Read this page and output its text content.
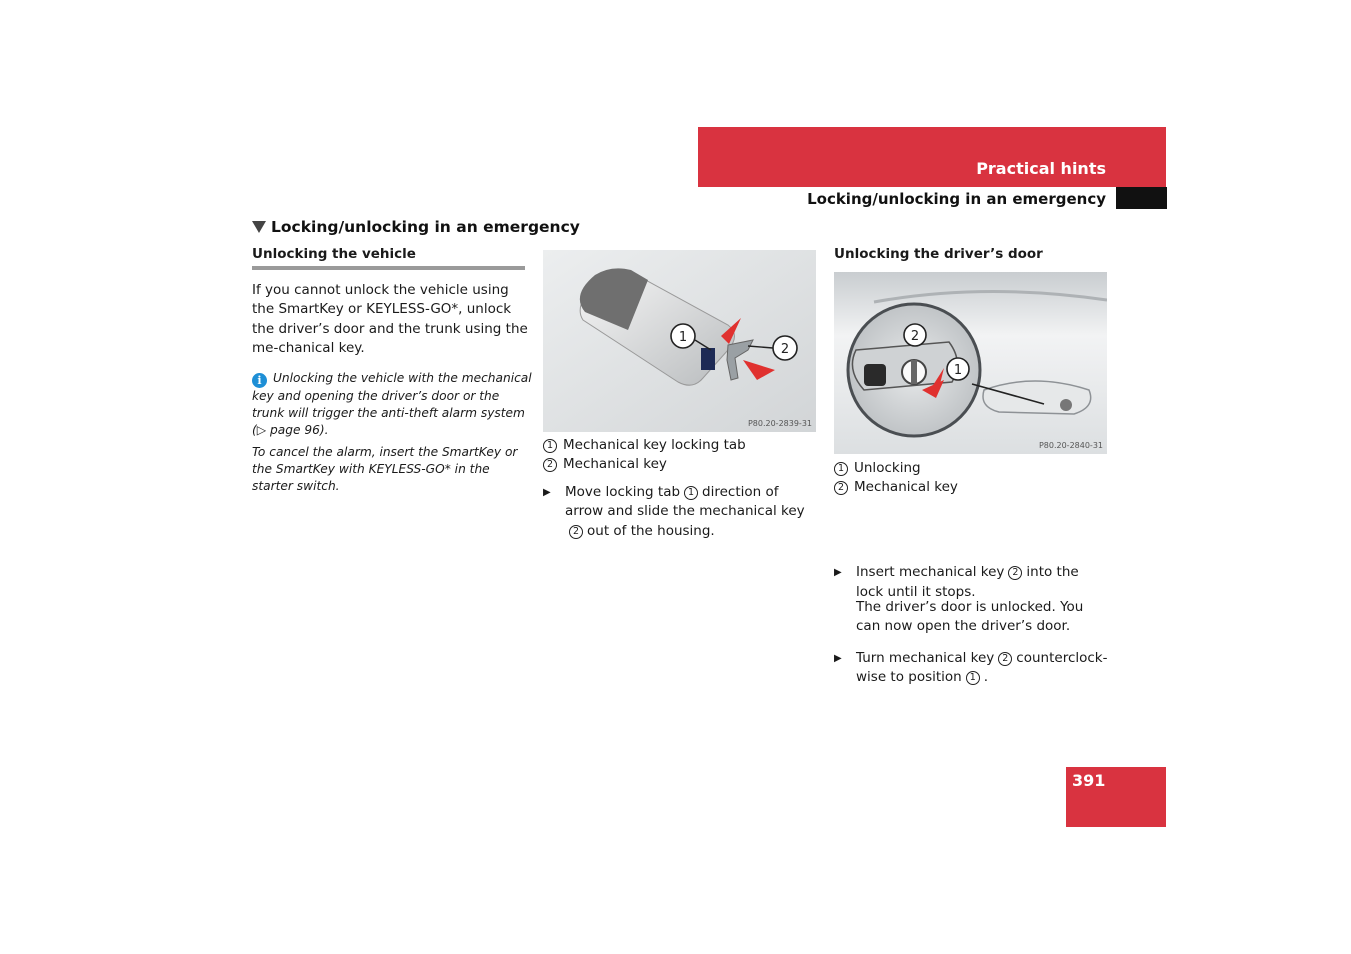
Practical hints
Locking/unlocking in an emergency
Locking/unlocking in an emergency
Unlocking the vehicle
If you cannot unlock the vehicle using the SmartKey or KEYLESS-GO*, unlock the driver’s door and the trunk using the me-chanical key.
i Unlocking the vehicle with the mechanical key and opening the driver’s door or the trunk will trigger the anti-theft alarm system
(▷ page 96).
To cancel the alarm, insert the SmartKey or the SmartKey with KEYLESS-GO* in the starter switch.
1
2
P80.20-2839-31
1 Mechanical key locking tab
2 Mechanical key
▶ Move locking tab 1 direction of arrow and slide the mechanical key2 out of the housing.
Unlocking the driver’s door
2
1
P80.20-2840-31
1 Unlocking
2 Mechanical key
▶ Insert mechanical key 2 into the lock until it stops.
▶ Turn mechanical key 2 counterclock-wise to position 1 .
The driver’s door is unlocked. You can now open the driver’s door.
391
